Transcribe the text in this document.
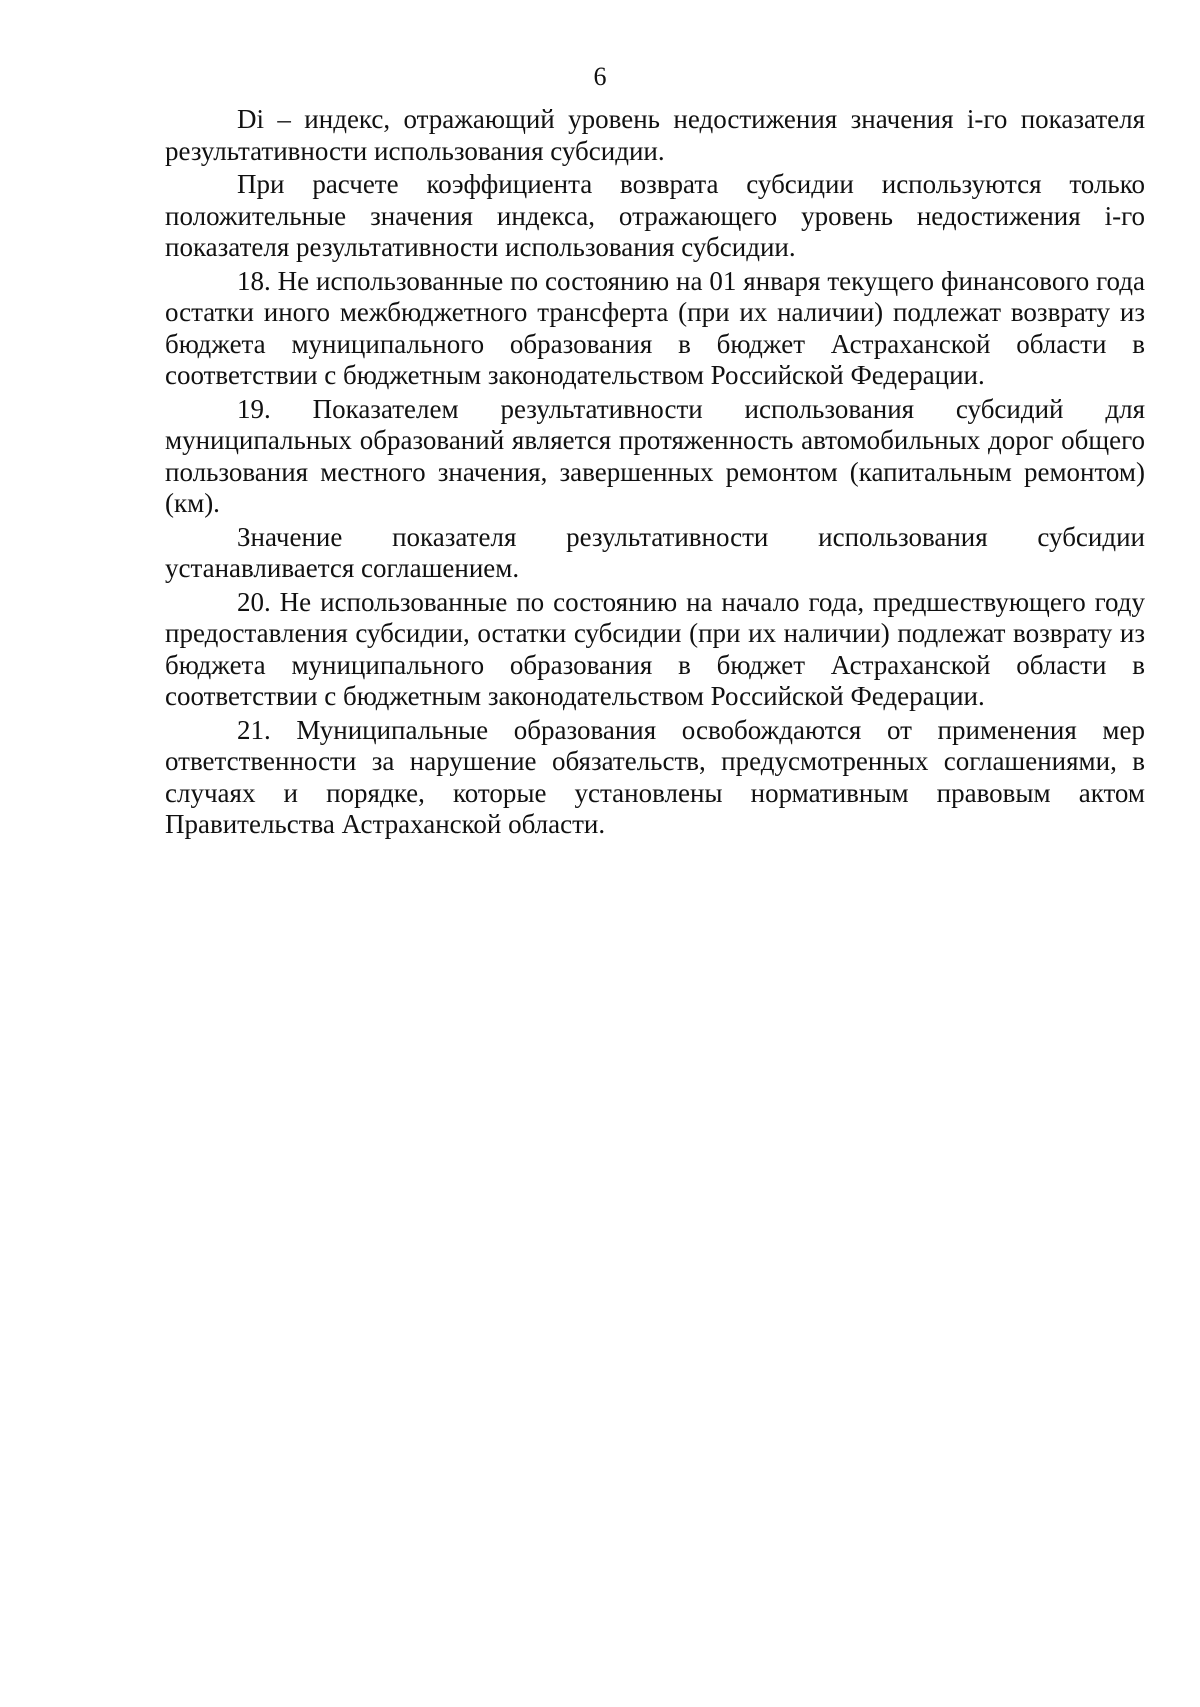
6

Di – индекс, отражающий уровень недостижения значения i-го показателя результативности использования субсидии.

При расчете коэффициента возврата субсидии используются только положительные значения индекса, отражающего уровень недостижения i-го показателя результативности использования субсидии.

18. Не использованные по состоянию на 01 января текущего финансового года остатки иного межбюджетного трансферта (при их наличии) подлежат возврату из бюджета муниципального образования в бюджет Астраханской области в соответствии с бюджетным законодательством Российской Федерации.

19. Показателем результативности использования субсидий для муниципальных образований является протяженность автомобильных дорог общего пользования местного значения, завершенных ремонтом (капитальным ремонтом) (км).

Значение показателя результативности использования субсидии устанавливается соглашением.

20. Не использованные по состоянию на начало года, предшествующего году предоставления субсидии, остатки субсидии (при их наличии) подлежат возврату из бюджета муниципального образования в бюджет Астраханской области в соответствии с бюджетным законодательством Российской Федерации.

21. Муниципальные образования освобождаются от применения мер ответственности за нарушение обязательств, предусмотренных соглашениями, в случаях и порядке, которые установлены нормативным правовым актом Правительства Астраханской области.
